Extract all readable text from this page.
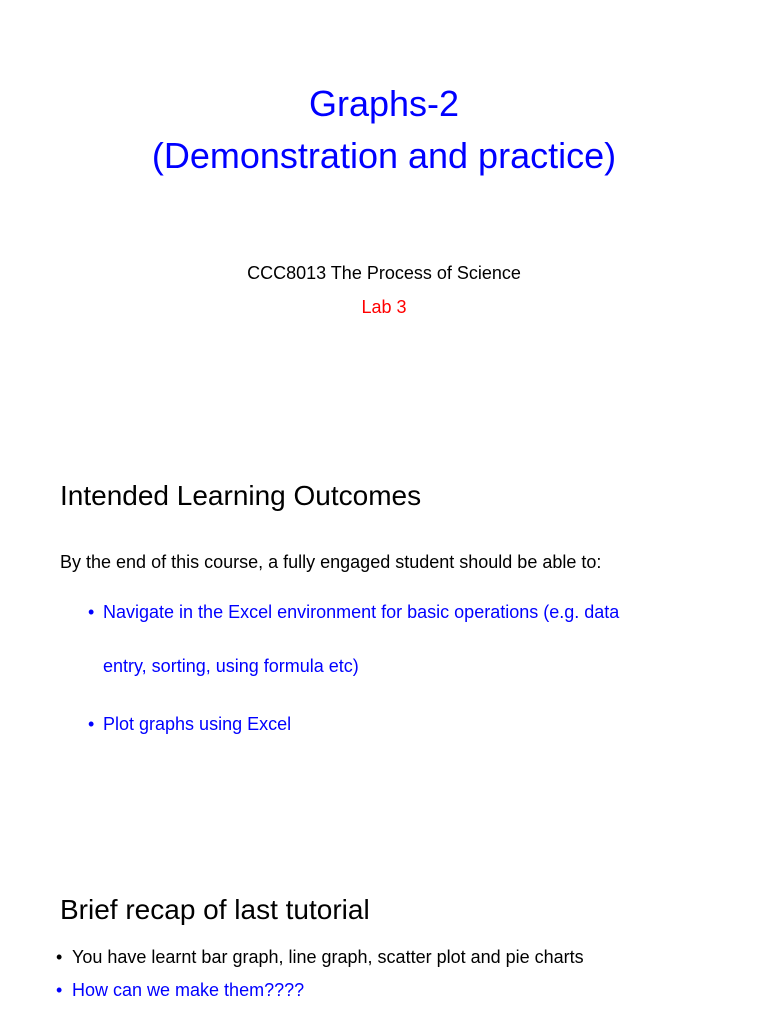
Graphs-2
(Demonstration and practice)
CCC8013 The Process of Science
Lab 3
Intended Learning Outcomes
By the end of this course, a fully engaged student should be able to:
• Navigate in the Excel environment for basic operations (e.g. data
entry, sorting, using formula etc)
• Plot graphs using Excel
Brief recap of last tutorial
• You have learnt bar graph, line graph, scatter plot and pie charts
• How can we make them????
